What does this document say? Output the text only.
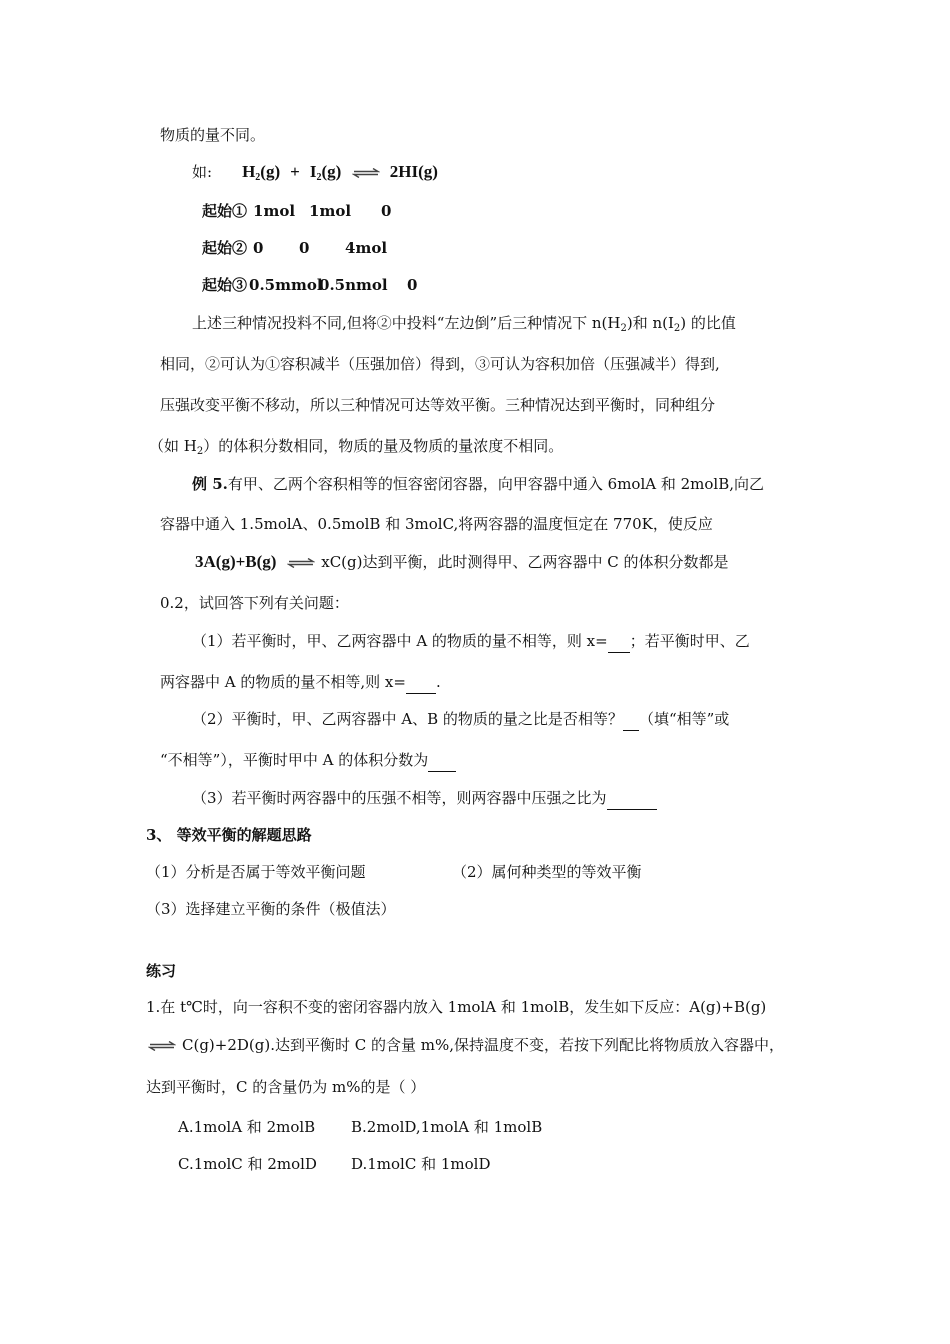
物质的量不同。
如: $H_2(g) + I_2(g)$ ⇌ 2HI(g)
起始① 1mol 1mol 0
起始② 0 0 4mol
起始③ 0.5mmol0.5nmol 0
上述三种情况投料不同,但将②中投料“左边倒”后三种情况下 $n(H_2)$和 $n(I_2)$ 的比值
相同，②可认为①容积减半（压强加倍）得到，③可认为容积加倍（压强减半）得到,
压强改变平衡不移动，所以三种情况可达等效平衡。三种情况达到平衡时，同种组分
（如 $H_2$）的体积分数相同，物质的量及物质的量浓度不相同。
例 5.有甲、乙两个容积相等的恒容密闭容器，向甲容器中通入 6molA 和 2molB,向乙
容器中通入 1.5molA、0.5molB 和 3molC,将两容器的温度恒定在 770K，使反应
3A(g)+B(g) ⇌ xC(g)达到平衡，此时测得甲、乙两容器中 C 的体积分数都是
0.2，试回答下列有关问题：
（1）若平衡时，甲、乙两容器中 A 的物质的量不相等，则 x= ；若平衡时甲、乙
两容器中 A 的物质的量不相等,则 x= .
（2）平衡时，甲、乙两容器中 A、B 的物质的量之比是否相等？ （填“相等”或
“不相等”），平衡时甲中 A 的体积分数为
（3）若平衡时两容器中的压强不相等，则两容器中压强之比为
3、 等效平衡的解题思路
（1）分析是否属于等效平衡问题	（2）属何种类型的等效平衡
（3）选择建立平衡的条件（极值法）
练习
1.在 t℃时，向一容积不变的密闭容器内放入 1molA 和 1molB，发生如下反应：A(g)+B(g)
⇌ C(g)+2D(g).达到平衡时 C 的含量 m%,保持温度不变，若按下列配比将物质放入容器中，
达到平衡时，C 的含量仍为 m%的是（ ）
A.1molA 和 2molB B.2molD,1molA 和 1molB
C.1molC 和 2molD D.1molC 和 1molD
